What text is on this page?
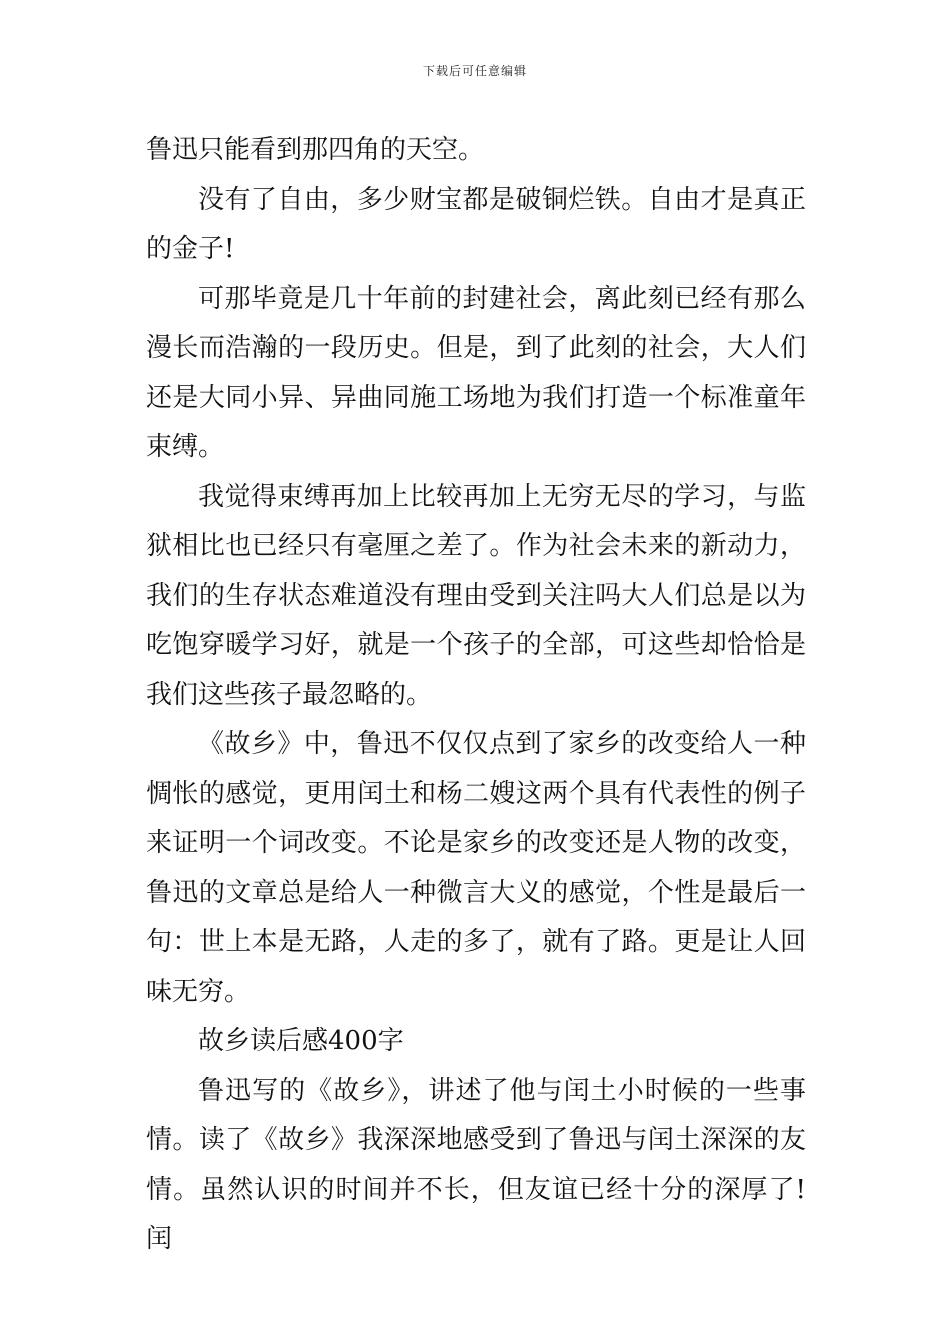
下载后可任意编辑

鲁迅只能看到那四角的天空。

没有了自由，多少财宝都是破铜烂铁。自由才是真正的金子!

可那毕竟是几十年前的封建社会，离此刻已经有那么漫长而浩瀚的一段历史。但是，到了此刻的社会，大人们还是大同小异、异曲同施工场地为我们打造一个标准童年束缚。

我觉得束缚再加上比较再加上无穷无尽的学习，与监狱相比也已经只有毫厘之差了。作为社会未来的新动力，我们的生存状态难道没有理由受到关注吗大人们总是以为吃饱穿暖学习好，就是一个孩子的全部，可这些却恰恰是我们这些孩子最忽略的。

《故乡》中，鲁迅不仅仅点到了家乡的改变给人一种惆怅的感觉，更用闰土和杨二嫂这两个具有代表性的例子来证明一个词改变。不论是家乡的改变还是人物的改变，鲁迅的文章总是给人一种微言大义的感觉，个性是最后一句：世上本是无路，人走的多了，就有了路。更是让人回味无穷。

故乡读后感400字

鲁迅写的《故乡》，讲述了他与闰土小时候的一些事情。读了《故乡》我深深地感受到了鲁迅与闰土深深的友情。虽然认识的时间并不长，但友谊已经十分的深厚了!闰
